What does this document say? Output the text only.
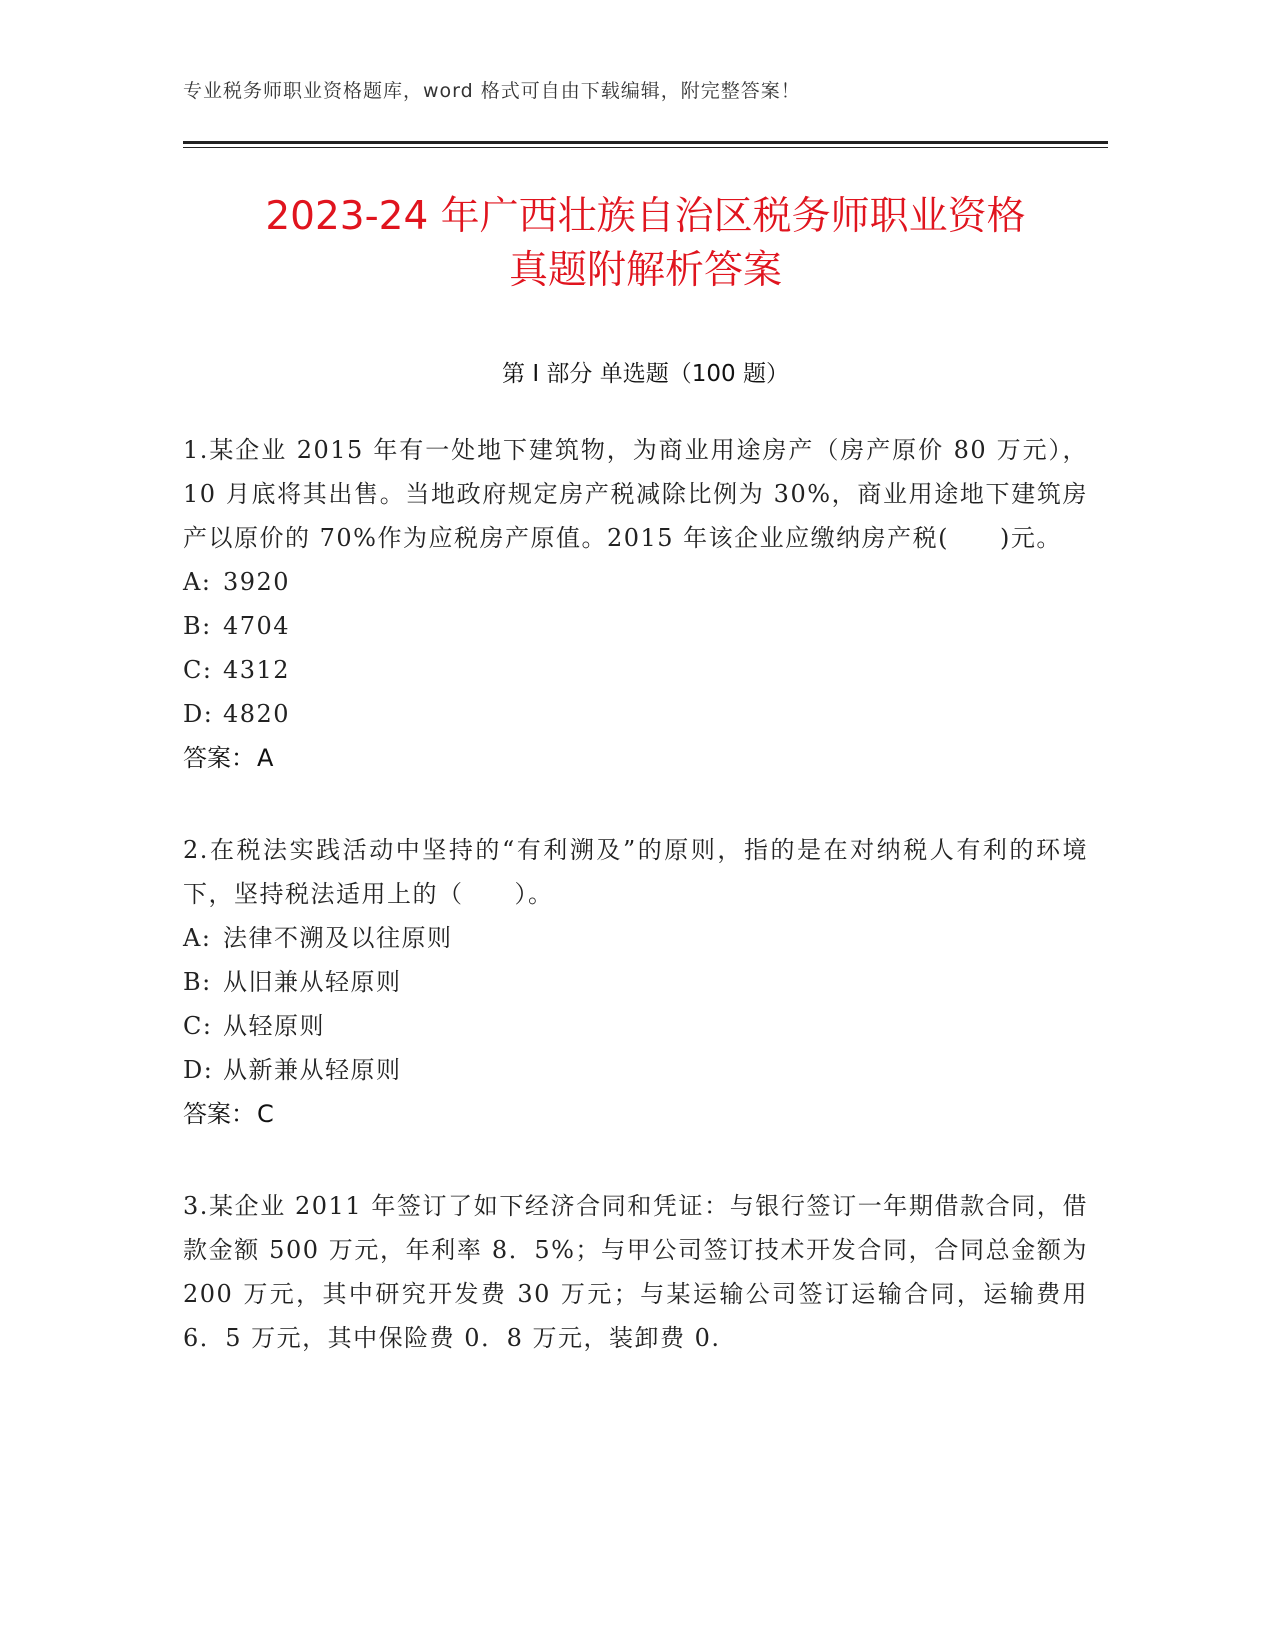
专业税务师职业资格题库，word 格式可自由下载编辑，附完整答案！
2023-24 年广西壮族自治区税务师职业资格
真题附解析答案
第 I 部分 单选题（100 题）

1.某企业 2015 年有一处地下建筑物，为商业用途房产（房产原价 80 万元），10 月底将其出售。当地政府规定房产税减除比例为 30%，商业用途地下建筑房产以原价的 70%作为应税房产原值。2015 年该企业应缴纳房产税(　　)元。

A: 3920
B: 4704
C: 4312
D: 4820

答案：A

2.在税法实践活动中坚持的“有利溯及”的原则，指的是在对纳税人有利的环境下，坚持税法适用上的（　　）。

A: 法律不溯及以往原则
B: 从旧兼从轻原则
C: 从轻原则
D: 从新兼从轻原则

答案：C

3.某企业 2011 年签订了如下经济合同和凭证：与银行签订一年期借款合同，借款金额 500 万元，年利率 8．5%；与甲公司签订技术开发合同，合同总金额为 200 万元，其中研究开发费 30 万元；与某运输公司签订运输合同，运输费用 6．5 万元，其中保险费 0．8 万元，装卸费 0.
